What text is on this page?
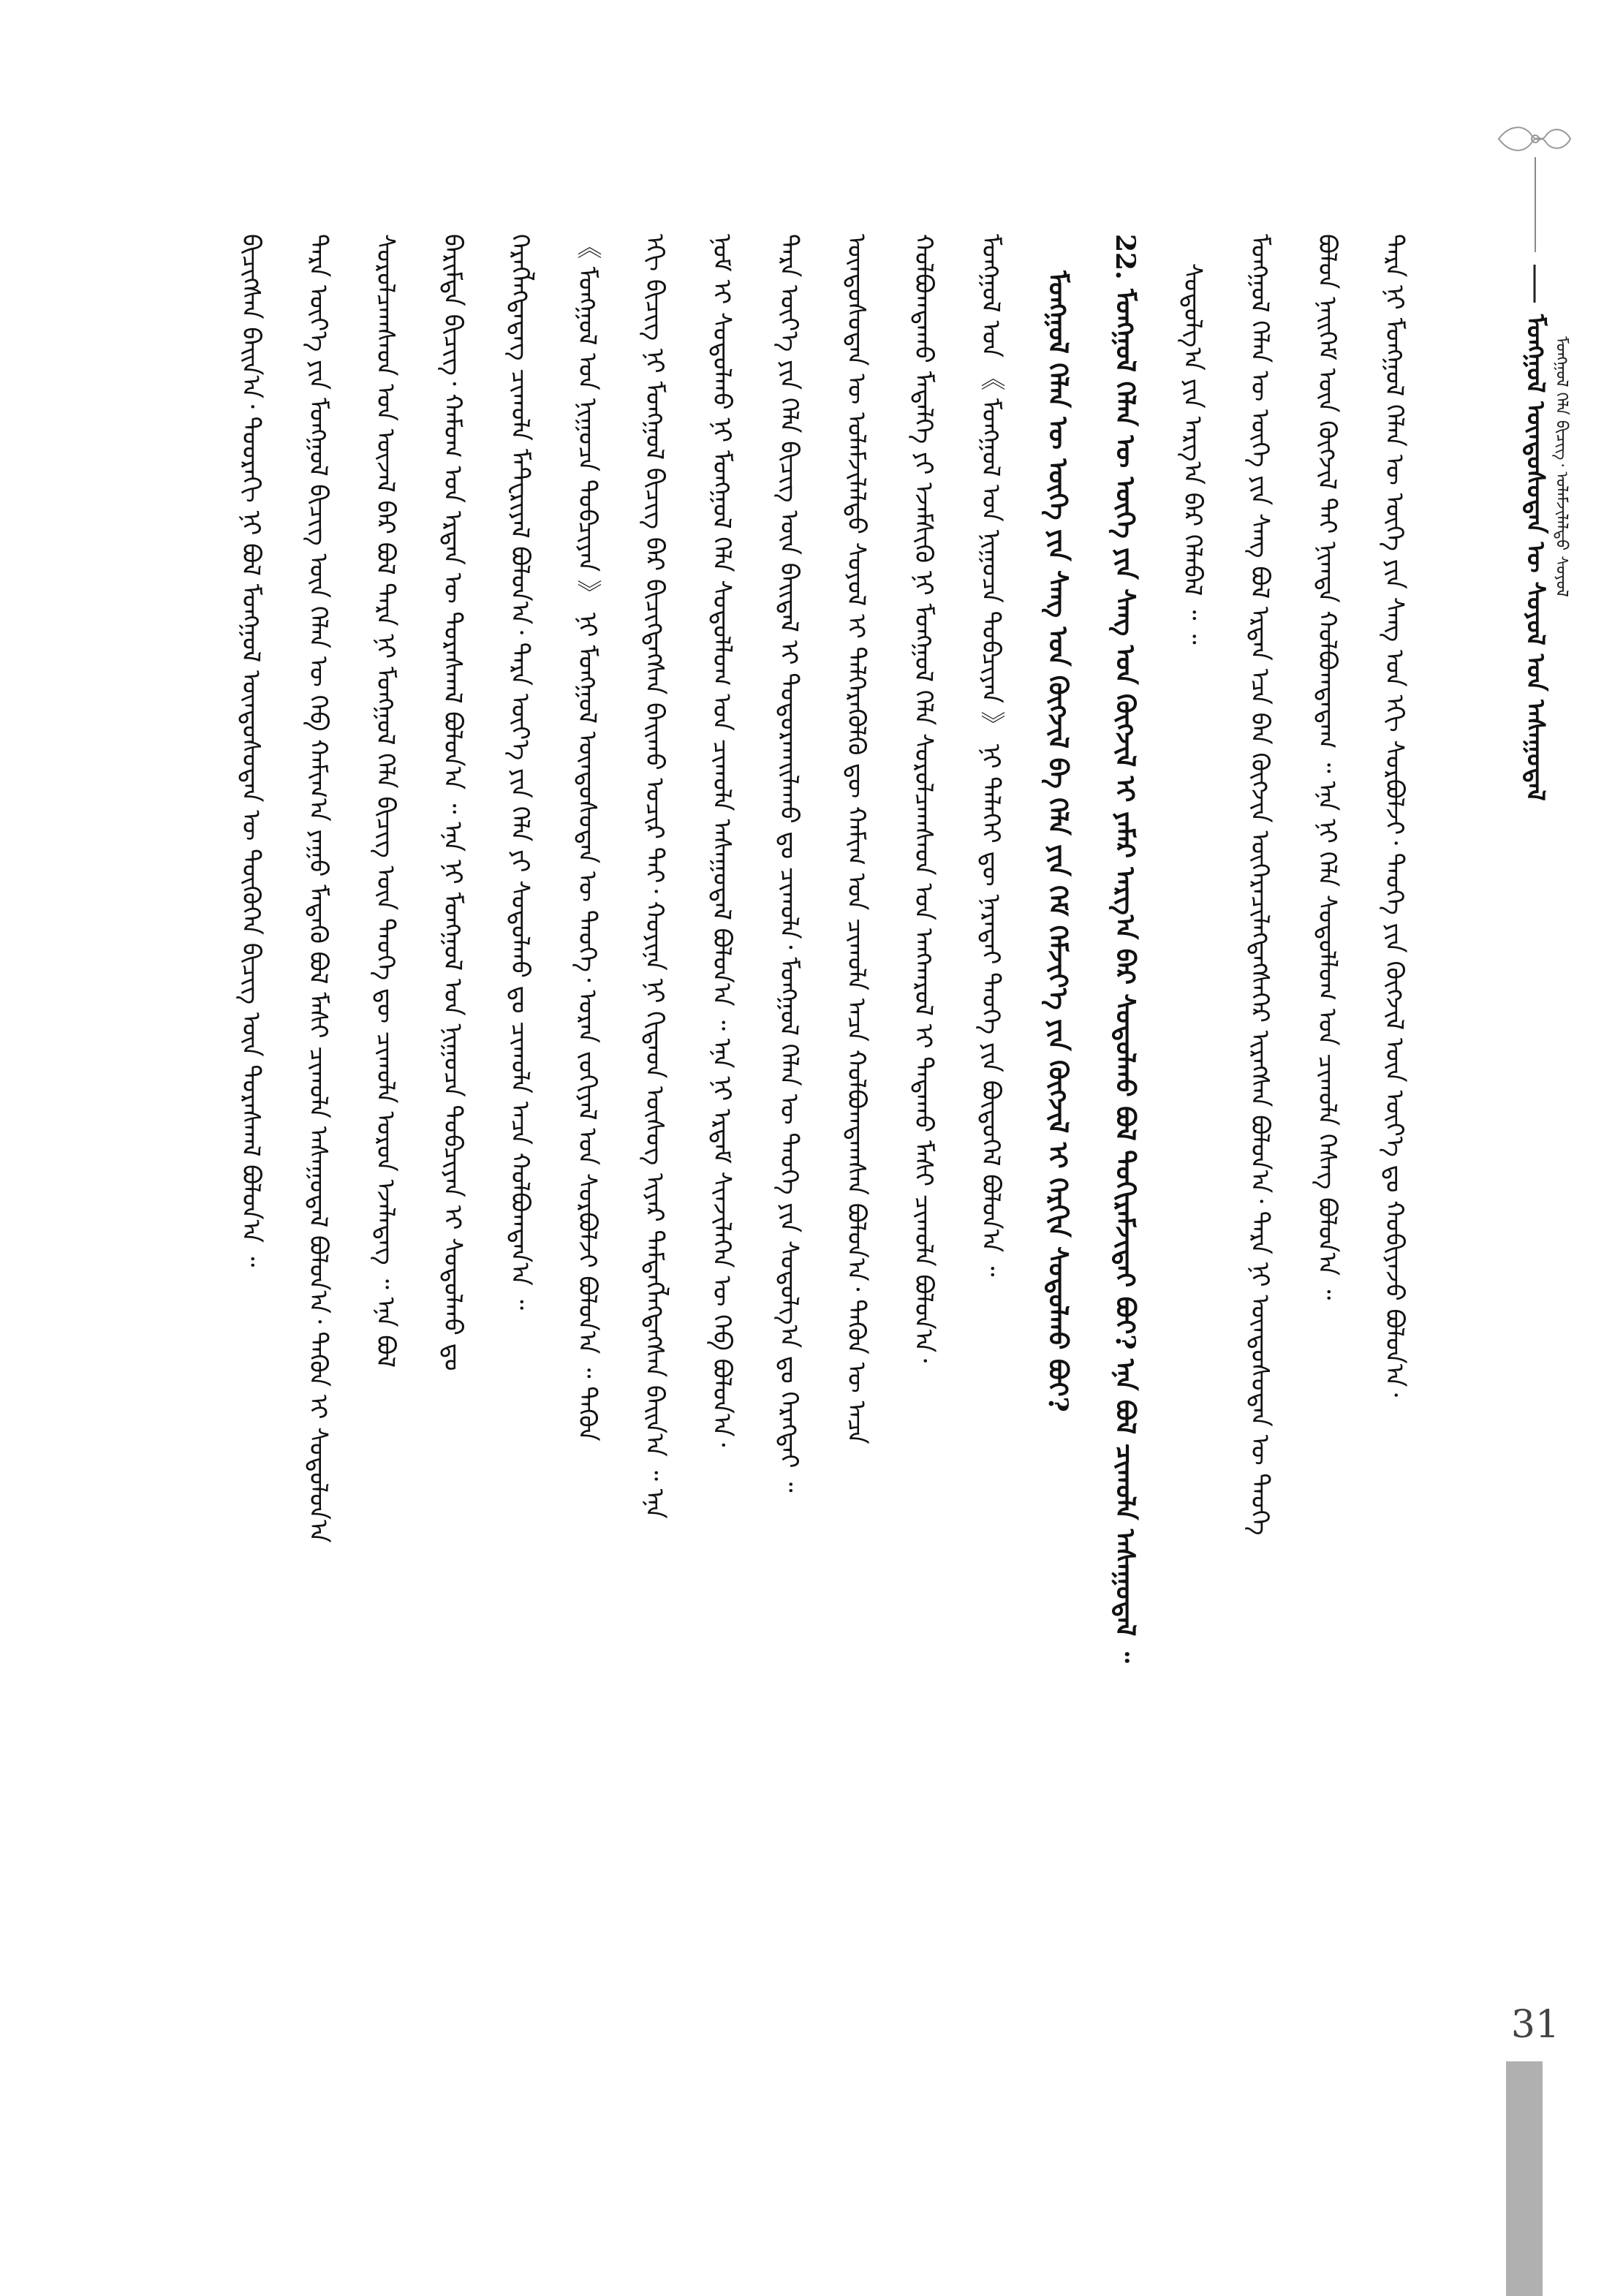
ᠮᠣᠩᠭᠣᠯ ᠦᠨᠳᠦᠰᠦᠲᠡᠨ ᠦ ᠰᠣᠶᠣᠯ ᠤᠨ ᠠᠰᠠᠭᠤᠳᠠᠯ ᠮᠣᠩᠭᠣᠯ ᠬᠡᠯᠡ ᠪᠢᠴᠢᠭ᠂ ᠤᠯᠠᠮᠵᠢᠯᠠᠯᠲᠤ ᠰᠣᠶᠣᠯ
ᠪᠢᠴᠢᠭᠰᠡᠨ ᠪᠠᠢᠨ᠎ᠠ᠂ ᠳᠣᠣᠷᠠᠬᠢ ᠨᠢ ᠪᠣᠯ ᠮᠣᠩᠭᠣᠯ ᠦᠨᠳᠦᠰᠦᠲᠡᠨ ᠦ ᠲᠦᠭᠦᠬᠡᠨ ᠪᠢᠴᠢᠭ ᠦᠨ ᠳᠤᠷᠠᠰᠬᠠᠯ ᠪᠣᠯᠤᠨ᠎ᠠ ᠃ ᠲᠡᠷᠡ ᠦᠶ᠎ᠡ ᠶᠢᠨ ᠮᠣᠩᠭᠣᠯ ᠪᠢᠴᠢᠭ ᠦᠨ ᠬᠡᠯᠡᠨ ᠦ ᠬᠡᠪ ᠬᠠᠮᠢᠭ᠎ᠠ ᠶᠠᠭᠤ ᠮᠡᠳᠡᠬᠦ ᠪᠣᠯ ᠮᠠᠰᠢ ᠴᠢᠬᠤᠯᠠ ᠠᠰᠠᠭᠤᠳᠠᠯ ᠪᠣᠯᠤᠨ᠎ᠠ᠂ ᠲᠡᠭᠦᠨ ᠢ ᠰᠤᠳᠤᠯᠤᠨ᠎ᠠ ᠰᠤᠷᠤᠯᠴᠠᠭᠰᠠᠳ ᠤᠨ ᠦᠵᠡᠯ ᠪᠠᠷ ᠪᠣᠯ ᠲᠡᠷᠡ ᠨᠢ ᠮᠣᠩᠭᠣᠯ ᠬᠡᠯᠡ ᠪᠢᠴᠢᠭ ᠦᠨ ᠲᠡᠦᠬᠡ ᠳᠦ ᠴᠢᠬᠤᠯᠠ ᠣᠷᠣᠨ ᠡᠵᠡᠯᠡᠳᠡᠭ ᠃ ᠡᠨᠡ ᠪᠣᠯ ᠪᠠᠷᠢᠮᠲᠠ ᠪᠢᠴᠢᠭ᠂ ᠬᠠᠮᠤᠭ ᠤᠨ ᠡᠷᠲᠡᠨ ᠦ ᠳᠤᠷᠠᠰᠬᠠᠯ ᠪᠣᠯᠤᠨ᠎ᠠ ᠃ ᠡᠨᠡ ᠨᠢ ᠮᠣᠩᠭᠣᠯ ᠤᠨ ᠨᠢᠭᠤᠴᠠ ᠲᠣᠪᠴᠢᠶᠠᠨ ᠢ ᠰᠤᠳᠤᠯᠬᠤ ᠳᠤ ᠬᠡᠷᠡᠭᠯᠡᠭᠳᠡᠳᠡᠭ ᠴᠢᠬᠤᠯᠠ ᠮᠠᠲ᠋ᠸᠷᠢᠶᠠᠯ ᠪᠣᠯᠤᠨ᠎ᠠ᠂ ᠲᠡᠷᠡ ᠦᠶ᠎ᠡ ᠶᠢᠨ ᠬᠡᠯᠡ ᠶᠢ ᠰᠤᠳᠤᠯᠬᠤ ᠳᠤ ᠴᠢᠬᠤᠯᠠ ᠠᠴᠠ ᠬᠣᠯᠪᠣᠭᠳᠠᠨ᠎ᠠ ᠃ 《 ᠮᠣᠩᠭᠣᠯ ᠤᠨ ᠨᠢᠭᠤᠴᠠ ᠲᠣᠪᠴᠢᠶᠠᠨ 》 ᠨᠢ ᠮᠣᠩᠭᠣᠯ ᠦᠨᠳᠦᠰᠦᠲᠡᠨ ᠦ ᠲᠡᠦᠬᠡ᠂ ᠤᠷᠠᠨ ᠵᠣᠬᠢᠶᠠᠯ ᠤᠨ ᠰᠣᠷᠪᠣᠯᠵᠢ ᠪᠣᠯᠤᠨ᠎ᠠ ᠃ ᠲᠡᠭᠦᠨ ᠡᠬᠢ ᠪᠢᠴᠢᠭ ᠨᠢ ᠮᠣᠩᠭᠣᠯ ᠪᠢᠴᠢᠭ ᠪᠠᠷ ᠪᠢᠴᠢᠭᠳᠡᠭᠰᠡᠨ ᠪᠠᠢᠬᠤ ᠤᠴᠢᠷ ᠲᠠᠢ᠂ ᠬᠣᠶᠢᠨᠠ ᠨᠢ ᠬᠢᠲᠠᠳ ᠦᠰᠦᠭ ᠢᠶᠡᠷ ᠲᠡᠮᠳᠡᠭᠯᠡᠭᠳᠡᠭᠰᠡᠨ ᠪᠠᠢᠨ᠎ᠠ ᠃ ᠡᠨᠡ ᠨᠣᠮ ᠢ ᠰᠤᠳᠤᠯᠬᠤ ᠨᠢ ᠮᠣᠩᠭᠣᠯ ᠬᠡᠯᠡ ᠰᠤᠳᠤᠯᠯᠤᠭ ᠤᠨ ᠴᠢᠬᠤᠯᠠ ᠠᠰᠠᠭᠤᠳᠠᠯ ᠪᠣᠯᠤᠨ᠎ᠠ ᠃ ᠡᠨᠡ ᠨᠢ ᠡᠷᠳᠡᠮ ᠰᠢᠨᠵᠢᠯᠡᠭᠡᠨ ᠦ ᠬᠡᠪ ᠪᠣᠯᠤᠨ᠎ᠠ᠂ ᠲᠡᠷᠡ ᠦᠶ᠎ᠡ ᠶᠢᠨ ᠬᠡᠯᠡ ᠪᠢᠴᠢᠭ ᠦᠨ ᠪᠠᠢᠳᠠᠯ ᠢ ᠲᠣᠳᠣᠷᠬᠠᠢᠯᠠᠬᠤ ᠳᠤ ᠴᠢᠬᠤᠯᠠ᠂ ᠮᠣᠩᠭᠣᠯ ᠬᠡᠯᠡᠨ ᠦ ᠲᠡᠦᠬᠡ ᠶᠢᠨ ᠰᠤᠳᠤᠯᠭ᠎ᠠ ᠳᠤ ᠬᠡᠷᠡᠭᠲᠡᠢ ᠃ ᠦᠨᠳᠦᠰᠦᠲᠡᠨ ᠦ ᠤᠯᠠᠮᠵᠢᠯᠠᠯᠲᠤ ᠰᠣᠶᠣᠯ ᠢ ᠳᠡᠯᠭᠡᠷᠡᠭᠦᠯᠬᠦ ᠳᠦ ᠬᠠᠮᠢᠭ ᠤᠨ ᠴᠢᠬᠤᠯᠠ ᠠᠴᠠ ᠬᠣᠯᠪᠣᠭᠳᠠᠭᠰᠠᠨ ᠪᠣᠯᠤᠨ᠎ᠠ᠂ ᠲᠡᠭᠦᠨ ᠦ ᠠᠴᠠ ᠬᠣᠯᠪᠣᠭᠳᠠᠬᠤ ᠮᠡᠳᠡᠯᠭᠡ ᠶᠢ ᠡᠵᠡᠮᠰᠢᠬᠦ ᠨᠢ ᠮᠣᠩᠭᠣᠯ ᠬᠡᠯᠡ ᠰᠤᠷᠤᠯᠴᠠᠭᠰᠠᠳ ᠤᠨ ᠠᠩᠬᠠᠷᠤᠯ ᠢ ᠲᠠᠲᠠᠬᠤ ᠮᠠᠰᠢ ᠴᠢᠬᠤᠯᠠ ᠪᠣᠯᠤᠨ᠎ᠠ᠂ ᠮᠣᠩᠭᠣᠯ ᠤᠨ 《 ᠮᠣᠩᠭᠣᠯ ᠤᠨ ᠨᠢᠭᠤᠴᠠ ᠲᠣᠪᠴᠢᠶᠠᠨ 》 ᠨᠢ ᠳᠡᠯᠡᠬᠡᠢ ᠳᠦ ᠨᠡᠷᠡᠲᠡᠢ ᠲᠡᠦᠬᠡ ᠶᠢᠨ ᠪᠦᠲᠦᠭᠡᠯ ᠪᠣᠯᠤᠨ᠎ᠠ ᠃ ᠮᠣᠩᠭᠣᠯ ᠬᠡᠯᠡᠨ ᠦ ᠦᠭᠡ ᠶᠢᠨ ᠰᠠᠩ ᠤᠨ ᠬᠦᠭᠵᠢᠯ ᠪᠠ ᠬᠡᠯᠡ ᠶᠢᠨ ᠬᠡᠮ ᠬᠡᠮᠵᠢᠶ᠎ᠡ ᠶᠢᠨ ᠬᠦᠭᠵᠢᠯ ᠢ ᠬᠡᠷᠬᠢᠨ ᠰᠤᠳᠤᠯᠬᠤ ᠪᠤᠢ? 22. ᠮᠣᠩᠭᠣᠯ ᠬᠡᠯᠡᠨ ᠦ ᠦᠭᠡ ᠶᠢᠨ ᠰᠠᠩ ᠤᠨ ᠬᠦᠭᠵᠢᠯ ᠢ ᠶᠠᠮᠠᠷ ᠠᠷᠭ᠎ᠠ ᠪᠠᠷ ᠰᠤᠳᠤᠯᠬᠤ ᠪᠣᠯ ᠲᠣᠬᠢᠷᠠᠮᠵᠢᠲᠠᠢ ᠪᠤᠢ? ᠡᠨᠡ ᠪᠣᠯ ᠴᠢᠬᠤᠯᠠ ᠠᠰᠠᠭᠤᠳᠠᠯ ᠃ ᠰᠤᠳᠤᠯᠭ᠎ᠠ ᠶᠢᠨ ᠠᠷᠭ᠎ᠠ ᠪᠠᠷ ᠬᠡᠯᠡᠪᠡᠯ ᠃ ᠃ ᠮᠣᠩᠭᠣᠯ ᠬᠡᠯᠡᠨ ᠦ ᠦᠭᠡ ᠶᠢᠨ ᠰᠠᠩ ᠪᠣᠯ ᠡᠷᠲᠡᠨ ᠡᠴᠡ ᠪᠠᠨ ᠬᠦᠭᠵᠢᠨ ᠥᠭᠡᠷᠡᠴᠢᠯᠡᠭᠳᠡᠭᠰᠡᠭᠡᠷ ᠢᠷᠡᠭᠰᠡᠨ ᠪᠣᠯᠤᠨ᠎ᠠ᠂ ᠲᠡᠷᠡ ᠨᠢ ᠦᠨᠳᠦᠰᠦᠲᠡᠨ ᠦ ᠲᠡᠦᠬᠡ ᠪᠣᠯᠤᠨ ᠨᠡᠢᠭᠡᠮ ᠦᠨ ᠬᠦᠭᠵᠢᠯ ᠲᠡᠢ ᠨᠢᠭᠲᠠ ᠬᠣᠯᠪᠣᠭᠳᠠᠳᠠᠭ ᠃ ᠡᠨᠡ ᠨᠢ ᠬᠡᠯᠡ ᠰᠤᠳᠤᠯᠯᠤᠭ ᠤᠨ ᠴᠢᠬᠤᠯᠠ ᠬᠡᠰᠡᠭ ᠪᠣᠯᠤᠨ᠎ᠠ ᠃ ᠲᠡᠷᠡ ᠨᠢ ᠮᠣᠩᠭᠣᠯ ᠬᠡᠯᠡᠨ ᠦ ᠦᠭᠡ ᠶᠢᠨ ᠰᠠᠩ ᠤᠨ ᠡᠬᠢ ᠰᠤᠷᠪᠤᠯᠵᠢ᠂ ᠲᠡᠦᠬᠡ ᠶᠢᠨ ᠬᠦᠭᠵᠢᠯ ᠦᠨ ᠦᠶ᠎ᠡ ᠳᠤ ᠬᠤᠪᠢᠶᠠᠵᠤ ᠪᠣᠯᠤᠨ᠎ᠠ᠂
31
